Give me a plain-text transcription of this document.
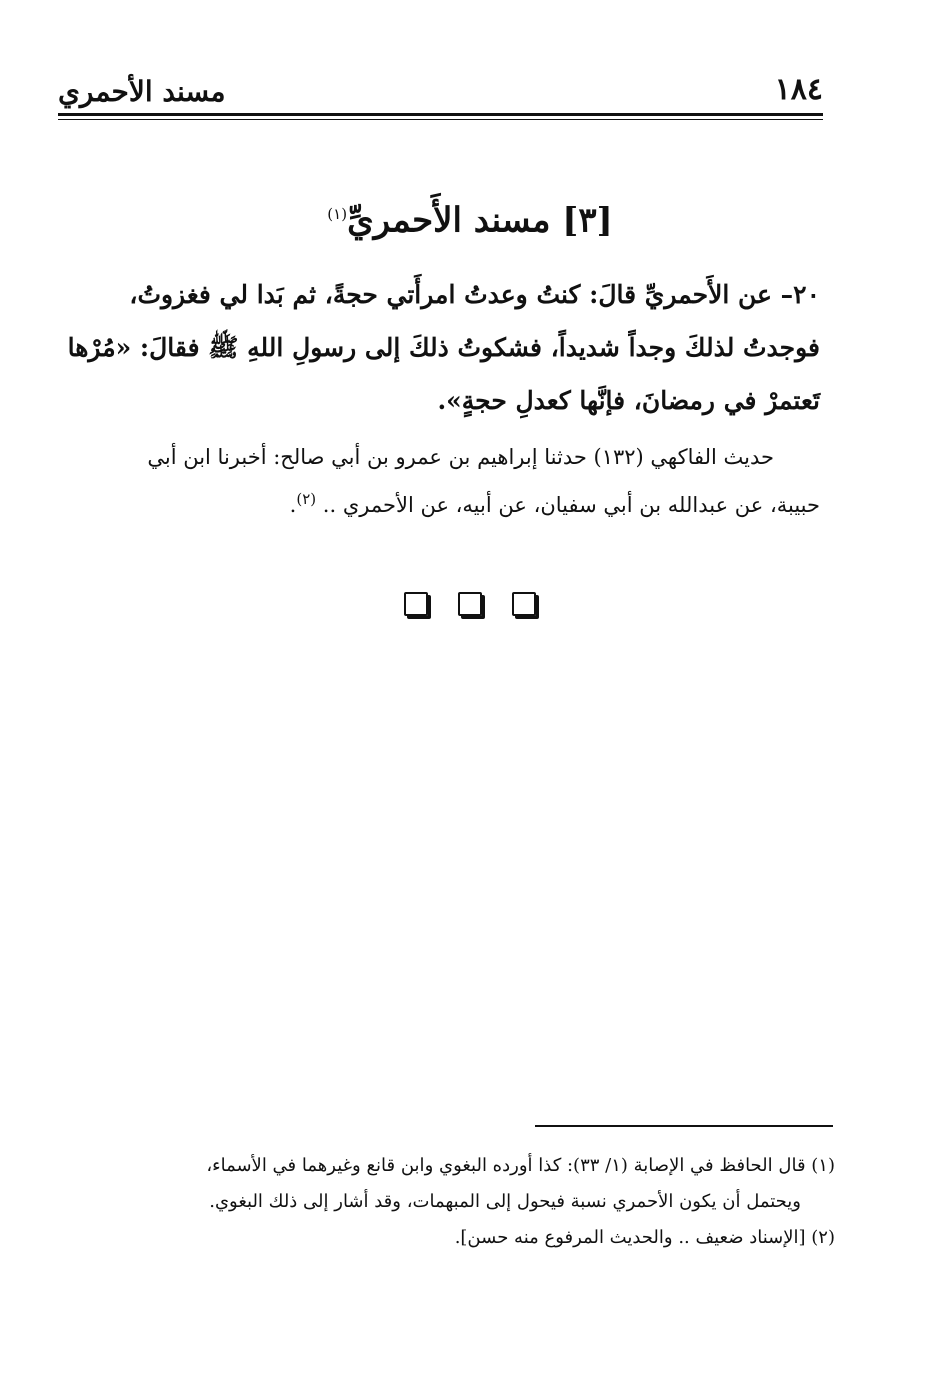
١٨٤
مسند الأحمري
[٣] مسند الأَحمريِّ$^{(١)}$
٢٠– عن الأَحمريِّ قالَ: كنتُ وعدتُ امرأَتي حجةً، ثم بَدا لي فغزوتُ،
فوجدتُ لذلكَ وجداً شديداً، فشكوتُ ذلكَ إلى رسولِ اللهِ ﷺ فقالَ: «مُرْها
تَعتمرْ في رمضانَ، فإنَّها كعدلِ حجةٍ».
حديث الفاكهي (١٣٢) حدثنا إبراهيم بن عمرو بن أبي صالح: أخبرنا ابن أبي
حبيبة، عن عبدالله بن أبي سفيان، عن أبيه، عن الأحمري .. $^{(٢)}$.
(١) قال الحافظ في الإصابة (١/ ٣٣): كذا أورده البغوي وابن قانع وغيرهما في الأسماء،
ويحتمل أن يكون الأحمري نسبة فيحول إلى المبهمات، وقد أشار إلى ذلك البغوي.
(٢) [الإسناد ضعيف .. والحديث المرفوع منه حسن].
